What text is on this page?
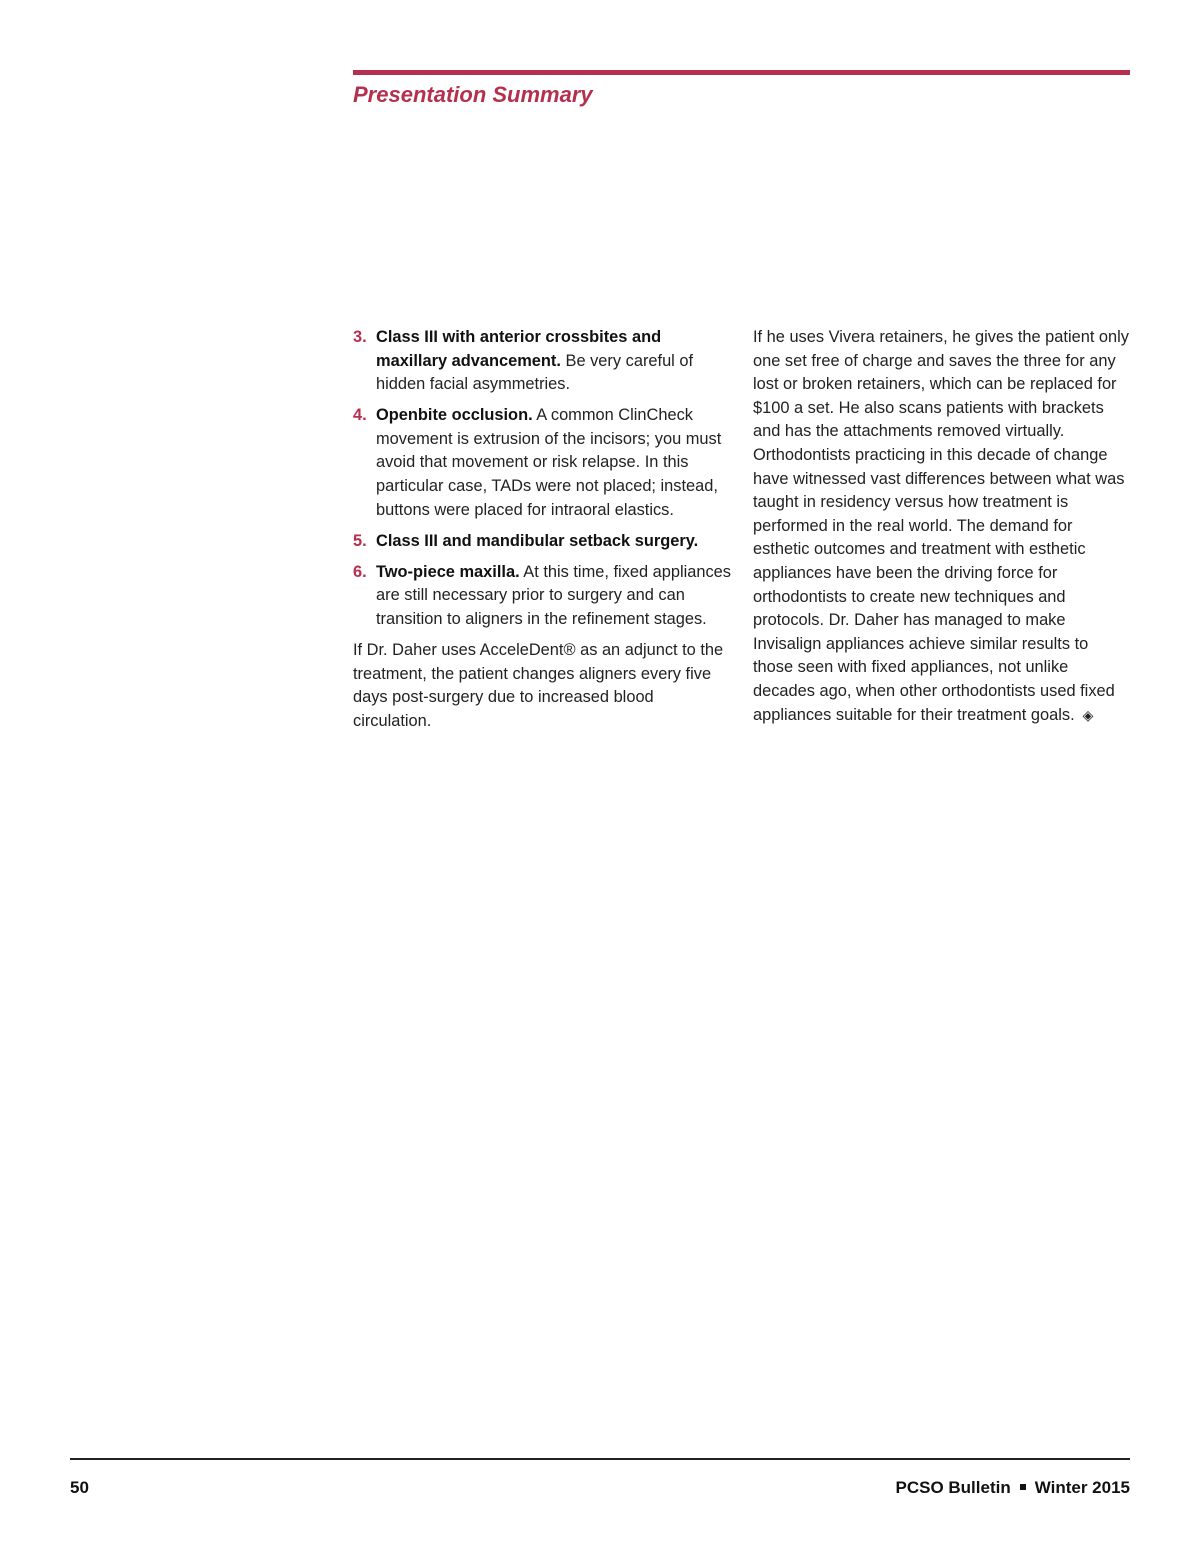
Presentation Summary
3. Class III with anterior crossbites and maxillary advancement. Be very careful of hidden facial asymmetries.
4. Openbite occlusion. A common ClinCheck movement is extrusion of the incisors; you must avoid that movement or risk relapse. In this particular case, TADs were not placed; instead, buttons were placed for intraoral elastics.
5. Class III and mandibular setback surgery.
6. Two-piece maxilla. At this time, fixed appliances are still necessary prior to surgery and can transition to aligners in the refinement stages.

If Dr. Daher uses AcceleDent® as an adjunct to the treatment, the patient changes aligners every five days post-surgery due to increased blood circulation.

If he uses Vivera retainers, he gives the patient only one set free of charge and saves the three for any lost or broken retainers, which can be replaced for $100 a set. He also scans patients with brackets and has the attachments removed virtually.

Orthodontists practicing in this decade of change have witnessed vast differences between what was taught in residency versus how treatment is performed in the real world. The demand for esthetic outcomes and treatment with esthetic appliances have been the driving force for orthodontists to create new techniques and protocols. Dr. Daher has managed to make Invisalign appliances achieve similar results to those seen with fixed appliances, not unlike decades ago, when other orthodontists used fixed appliances suitable for their treatment goals. ◈

50	PCSO Bulletin Winter 2015
